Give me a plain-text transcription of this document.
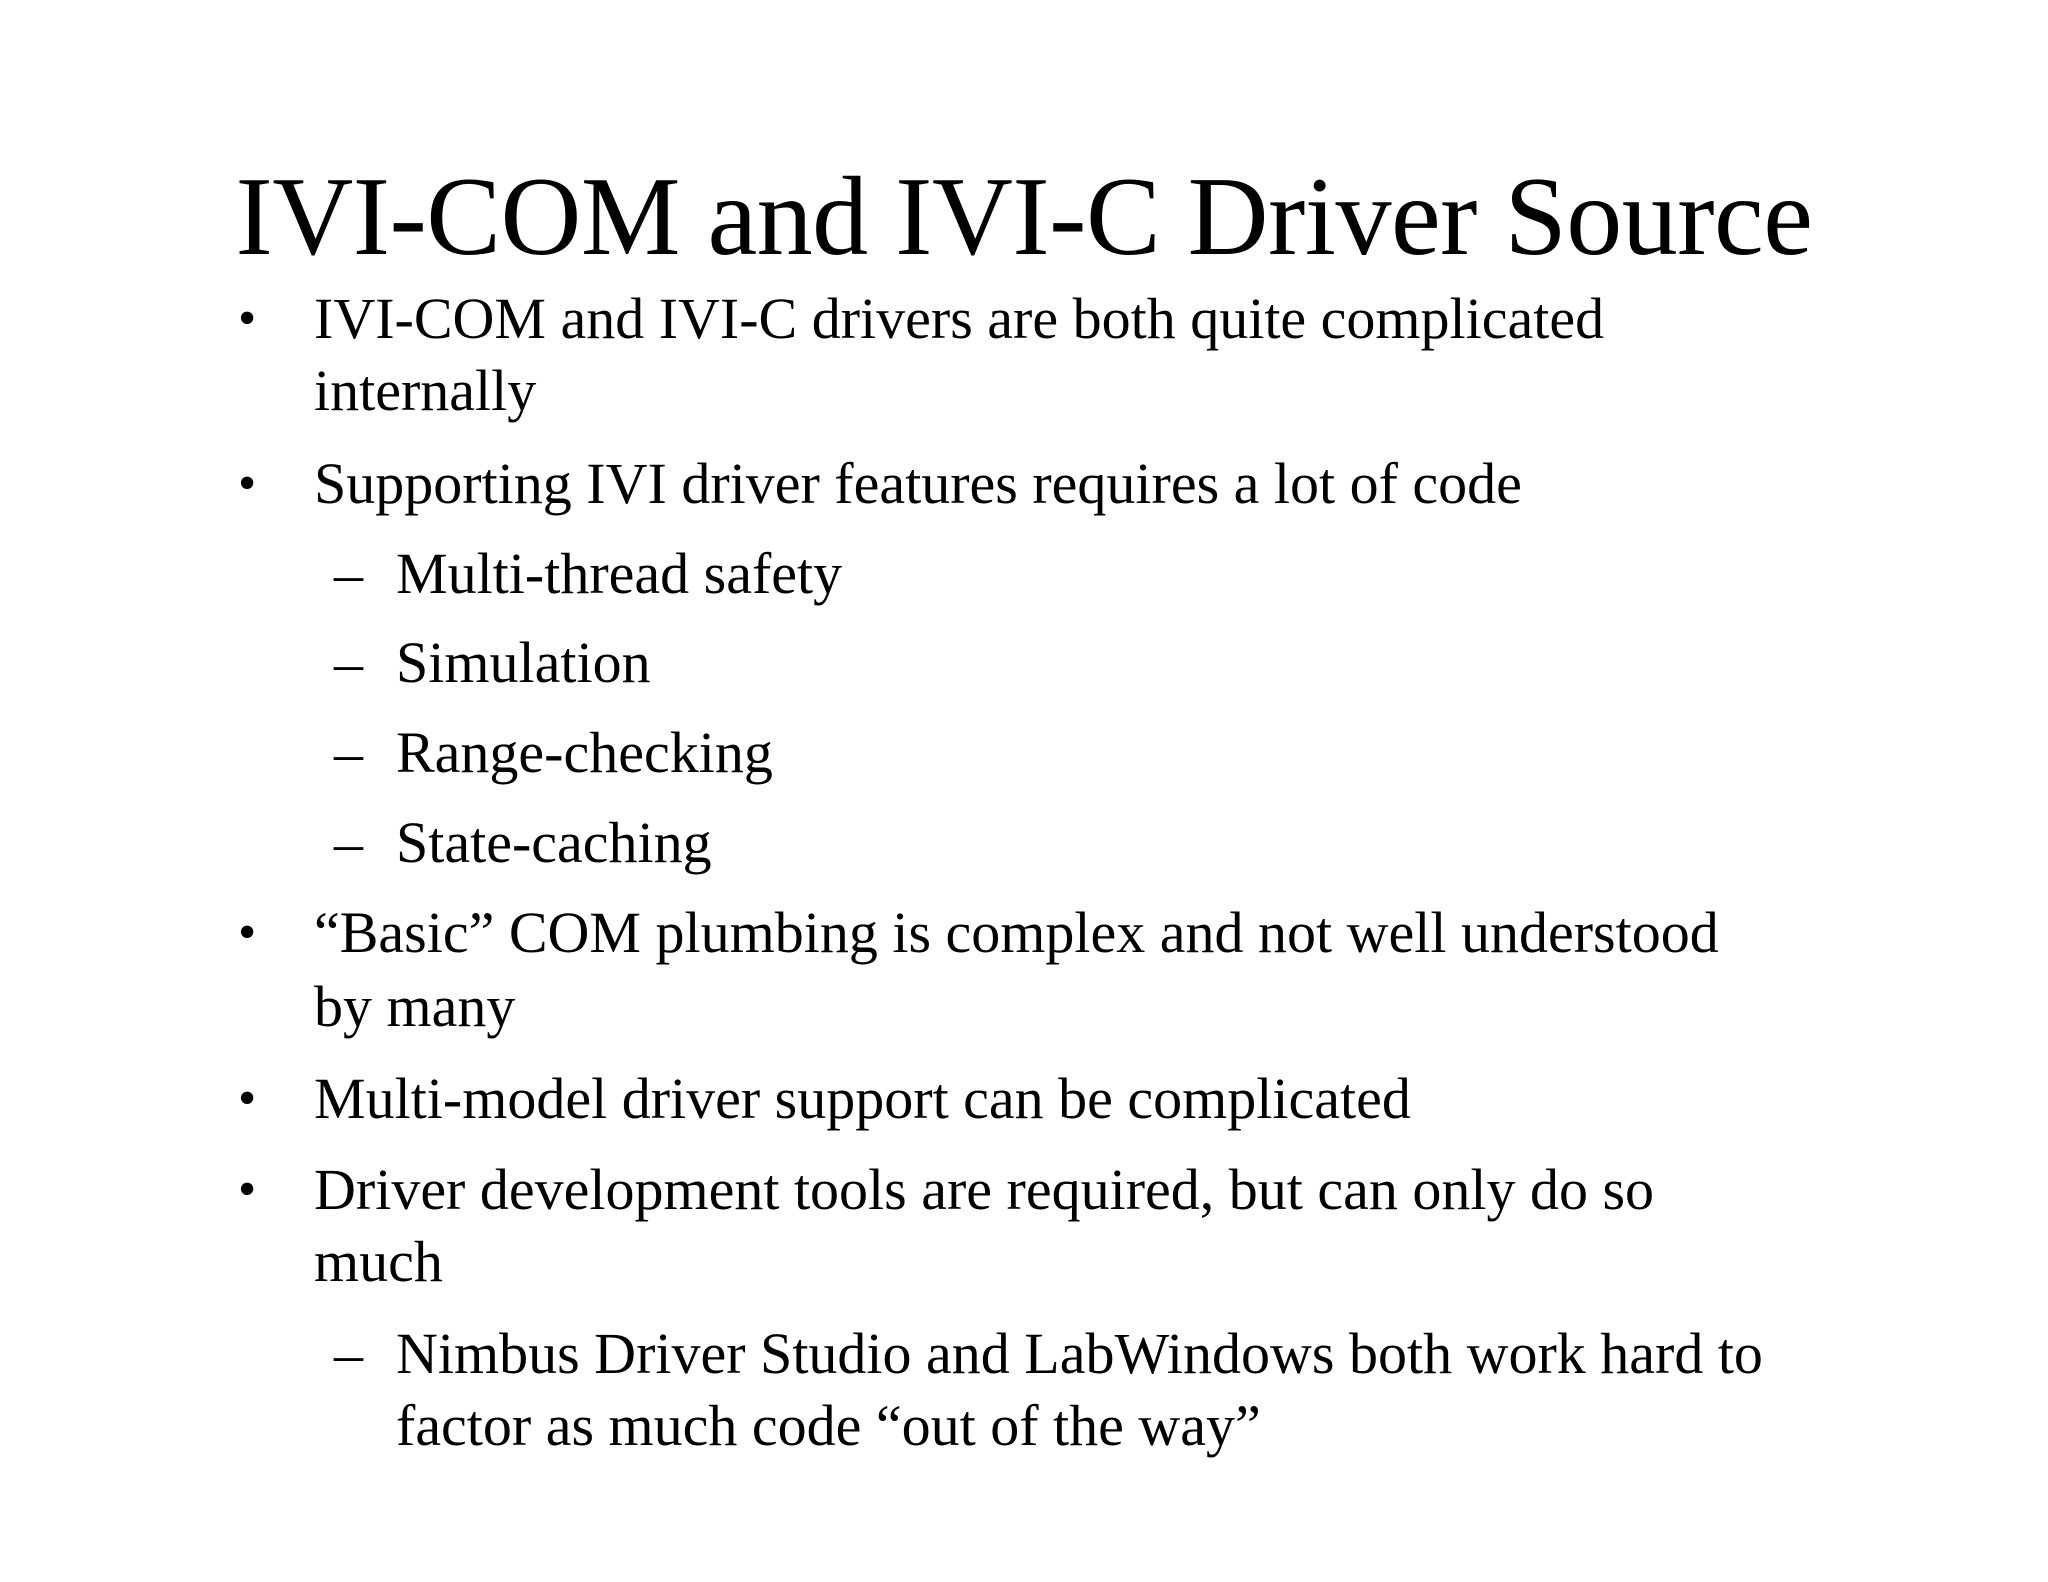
IVI-COM and IVI-C Driver Source
• IVI-COM and IVI-C drivers are both quite complicated
internally
• Supporting IVI driver features requires a lot of code
– Multi-thread safety
– Simulation
– Range-checking
– State-caching
• “Basic” COM plumbing is complex and not well understood
by many
• Multi-model driver support can be complicated
• Driver development tools are required, but can only do so
much
– Nimbus Driver Studio and LabWindows both work hard to
factor as much code “out of the way”
